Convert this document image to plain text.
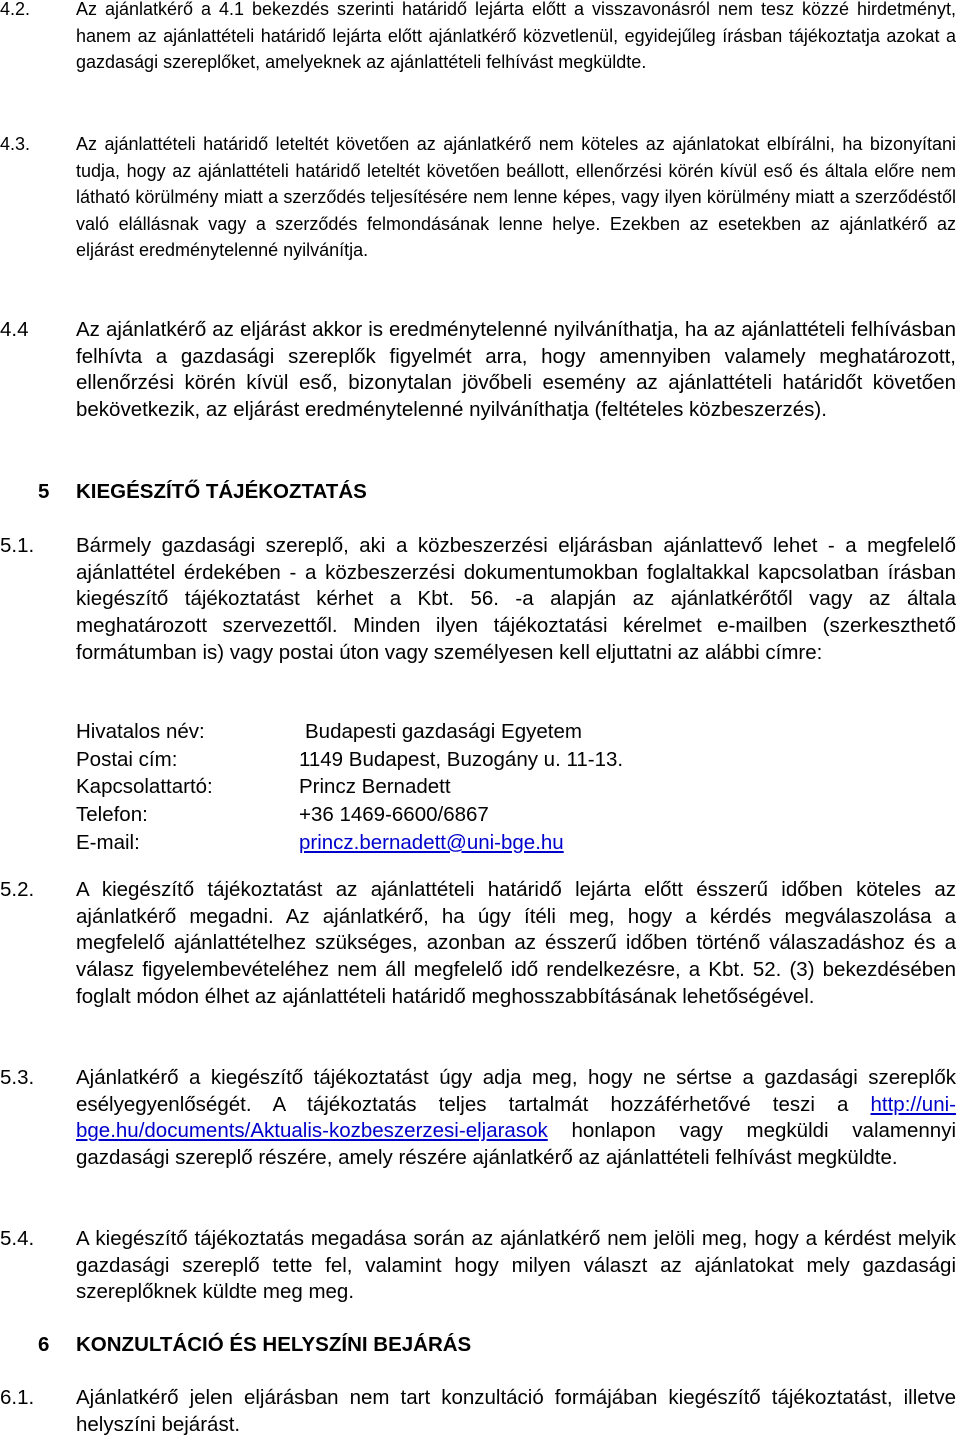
4.2.	Az ajánlatkérő a 4.1 bekezdés szerinti határidő lejárta előtt a visszavonásról nem tesz közzé hirdetményt, hanem az ajánlattételi határidő lejárta előtt ajánlatkérő közvetlenül, egyidejűleg írásban tájékoztatja azokat a gazdasági szereplőket, amelyeknek az ajánlattételi felhívást megküldte.
4.3.	Az ajánlattételi határidő leteltét követően az ajánlatkérő nem köteles az ajánlatokat elbírálni, ha bizonyítani tudja, hogy az ajánlattételi határidő leteltét követően beállott, ellenőrzési körén kívül eső és általa előre nem látható körülmény miatt a szerződés teljesítésére nem lenne képes, vagy ilyen körülmény miatt a szerződéstől való elállásnak vagy a szerződés felmondásának lenne helye. Ezekben az esetekben az ajánlatkérő az eljárást eredménytelenné nyilvánítja.
4.4 Az ajánlatkérő az eljárást akkor is eredménytelenné nyilváníthatja, ha az ajánlattételi felhívásban felhívta a gazdasági szereplők figyelmét arra, hogy amennyiben valamely meghatározott, ellenőrzési körén kívül eső, bizonytalan jövőbeli esemény az ajánlattételi határidőt követően bekövetkezik, az eljárást eredménytelenné nyilváníthatja (feltételes közbeszerzés).
5 KIEGÉSZÍTŐ TÁJÉKOZTATÁS
5.1. Bármely gazdasági szereplő, aki a közbeszerzési eljárásban ajánlattevő lehet - a megfelelő ajánlattétel érdekében - a közbeszerzési dokumentumokban foglaltakkal kapcsolatban írásban kiegészítő tájékoztatást kérhet a Kbt. 56. -a alapján az ajánlatkérőtől vagy az általa meghatározott szervezettől. Minden ilyen tájékoztatási kérelmet e-mailben (szerkeszthető formátumban is) vagy postai úton vagy személyesen kell eljuttatni az alábbi címre:
Hivatalos név:	Budapesti gazdasági Egyetem
Postai cím:	1149 Budapest, Buzogány u. 11-13.
Kapcsolattartó:	Princz Bernadett
Telefon:	+36 1469-6600/6867
E-mail:	princz.bernadett@uni-bge.hu
5.2. A kiegészítő tájékoztatást az ajánlattételi határidő lejárta előtt ésszerű időben köteles az ajánlatkérő megadni. Az ajánlatkérő, ha úgy ítéli meg, hogy a kérdés megválaszolása a megfelelő ajánlattételhez szükséges, azonban az ésszerű időben történő válaszadáshoz és a válasz figyelembevételéhez nem áll megfelelő idő rendelkezésre, a Kbt. 52. (3) bekezdésében foglalt módon élhet az ajánlattételi határidő meghosszabbításának lehetőségével.
5.3. Ajánlatkérő a kiegészítő tájékoztatást úgy adja meg, hogy ne sértse a gazdasági szereplők esélyegyenlőségét. A tájékoztatás teljes tartalmát hozzáférhetővé teszi a http://uni-bge.hu/documents/Aktualis-kozbeszerzesi-eljarasok honlapon vagy megküldi valamennyi gazdasági szereplő részére, amely részére ajánlatkérő az ajánlattételi felhívást megküldte.
5.4. A kiegészítő tájékoztatás megadása során az ajánlatkérő nem jelöli meg, hogy a kérdést melyik gazdasági szereplő tette fel, valamint hogy milyen választ az ajánlatokat mely gazdasági szereplőknek küldte meg meg.
6 KONZULTÁCIÓ ÉS HELYSZÍNI BEJÁRÁS
6.1. Ajánlatkérő jelen eljárásban nem tart konzultáció formájában kiegészítő tájékoztatást, illetve helyszíni bejárást.
